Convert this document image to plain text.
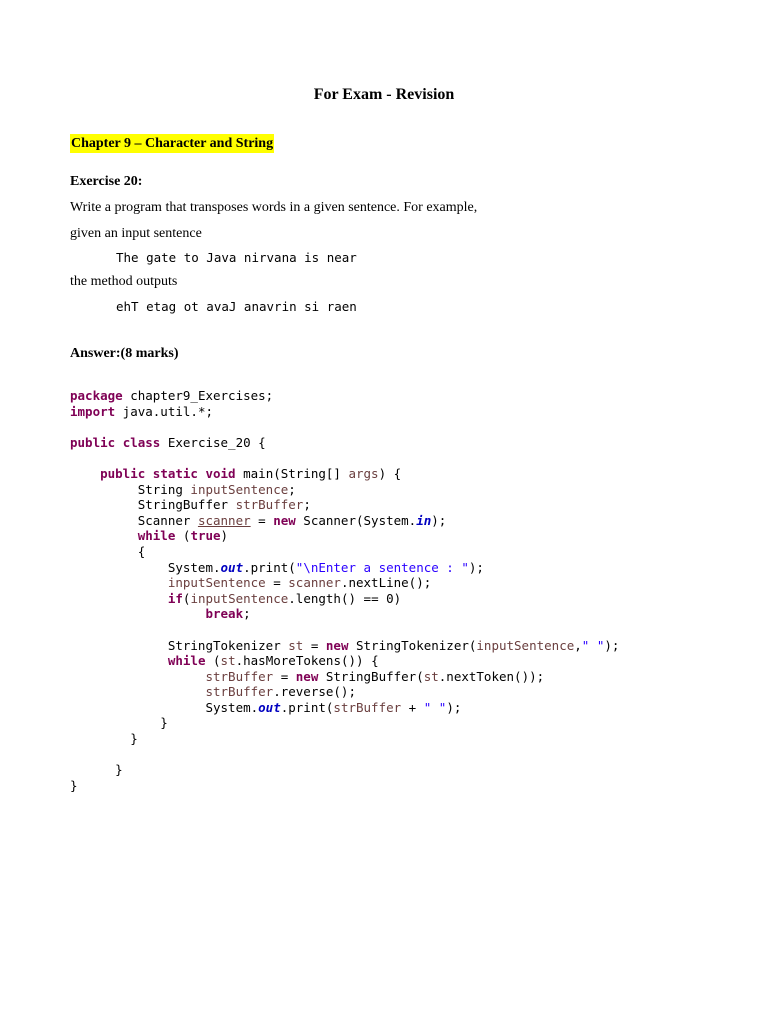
For Exam - Revision
Chapter 9 – Character and String
Exercise 20:
Write a program that transposes words in a given sentence. For example,
given an input sentence
The gate to Java nirvana is near
the method outputs
ehT etag ot avaJ anavrin si raen
Answer:(8 marks)
package chapter9_Exercises;
import java.util.*;
public class Exercise_20 {
public static void main(String[] args) {
String inputSentence;
StringBuffer strBuffer;
Scanner scanner = new Scanner(System.in);
while (true)
{
System.out.print("\nEnter a sentence : ");
inputSentence = scanner.nextLine();
if(inputSentence.length() == 0)
break;
StringTokenizer st = new StringTokenizer(inputSentence," ");
while (st.hasMoreTokens()) {
strBuffer = new StringBuffer(st.nextToken());
strBuffer.reverse();
System.out.print(strBuffer + " ");
}
}
}
}
